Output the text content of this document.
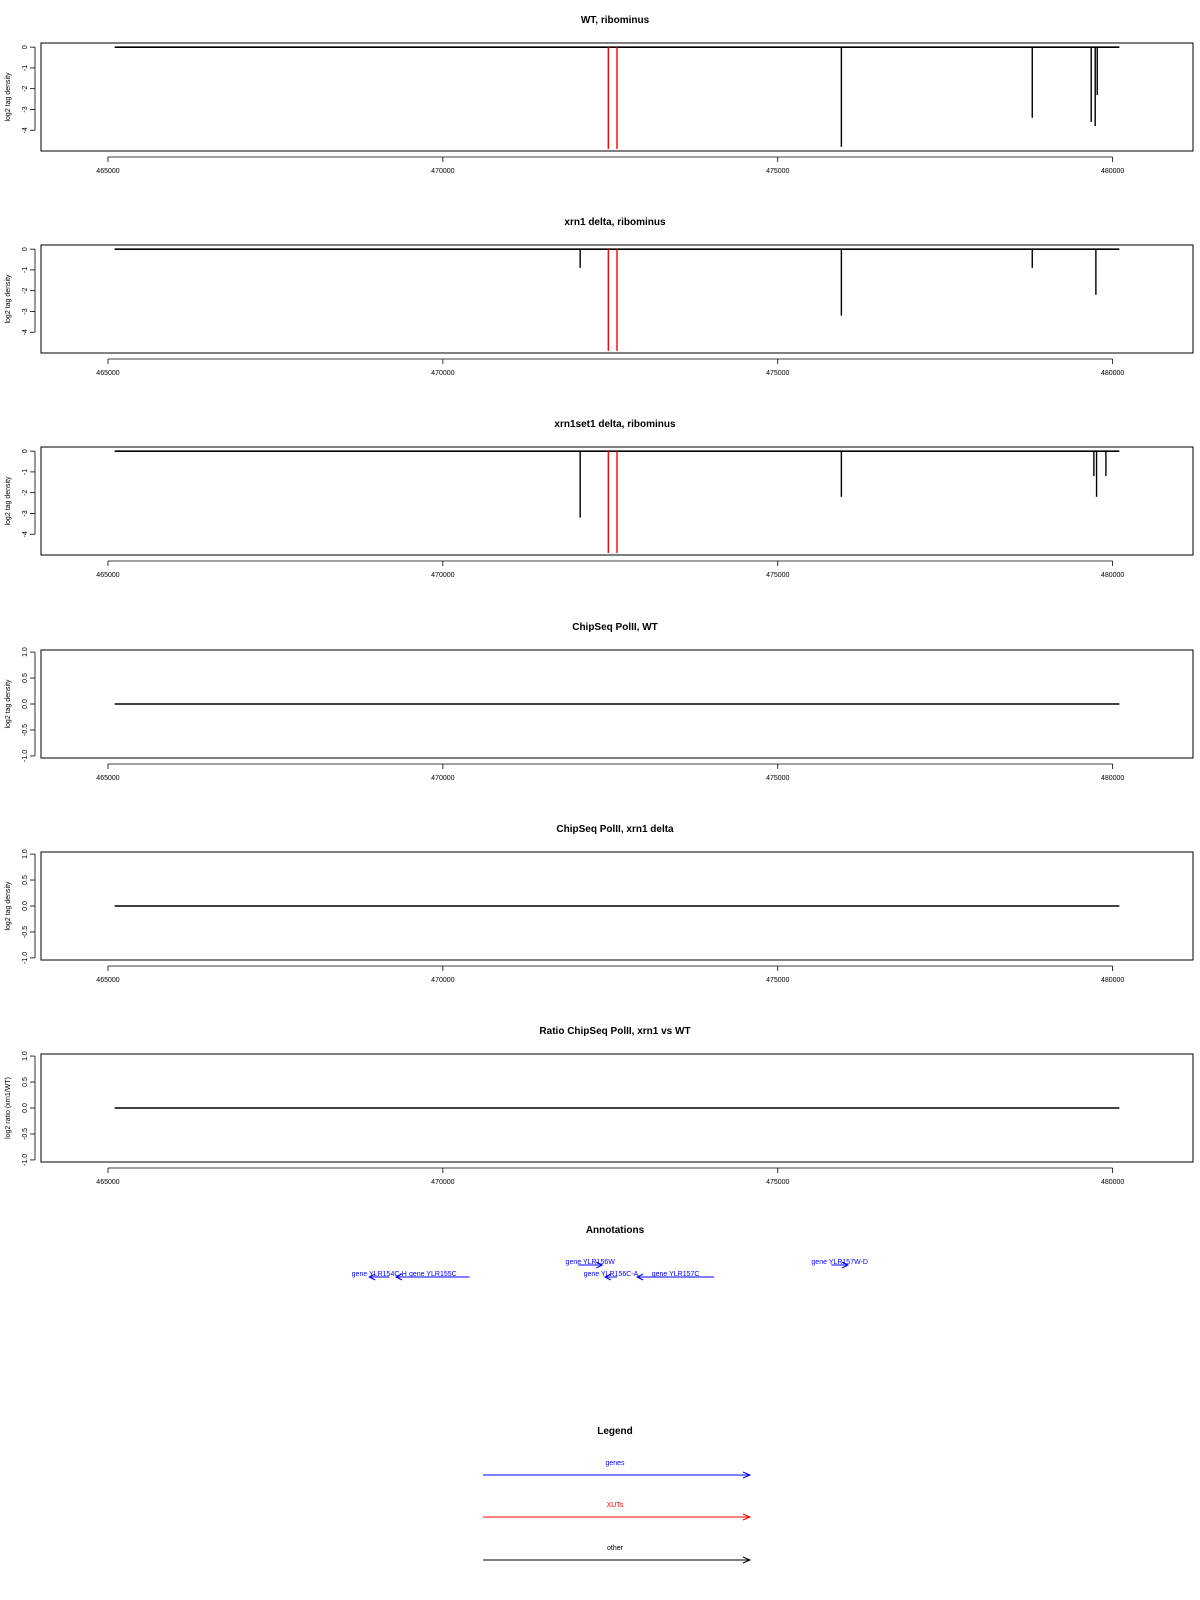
WT, ribominus
0
-1
-2
-3
-4
log2 tag density
465000	470000	475000	480000
xrn1 delta, ribominus
0
-1
-2
-3
-4
log2 tag density
465000	470000	475000	480000
xrn1set1 delta, ribominus
0
-1
-2
-3
-4
log2 tag density
465000	470000	475000	480000
ChipSeq PolII, WT
1.0
0.5
0.0
-0.5
-1.0
log2 tag density
465000	470000	475000	480000
ChipSeq PolII, xrn1 delta
1.0
0.5
0.0
-0.5
-1.0
log2 tag density
465000	470000	475000	480000
Ratio ChipSeq PolII, xrn1 vs WT
1.0
0.5
0.0
-0.5
-1.0
log2 ratio (xrn1/WT)
465000	470000	475000	480000
Annotations
gene YLR154C-H gene YLR155C
gene YLR156W
gene YLR156C-A gene YLR157C
gene YLR157W-D
Legend
genes
XUTs
other
